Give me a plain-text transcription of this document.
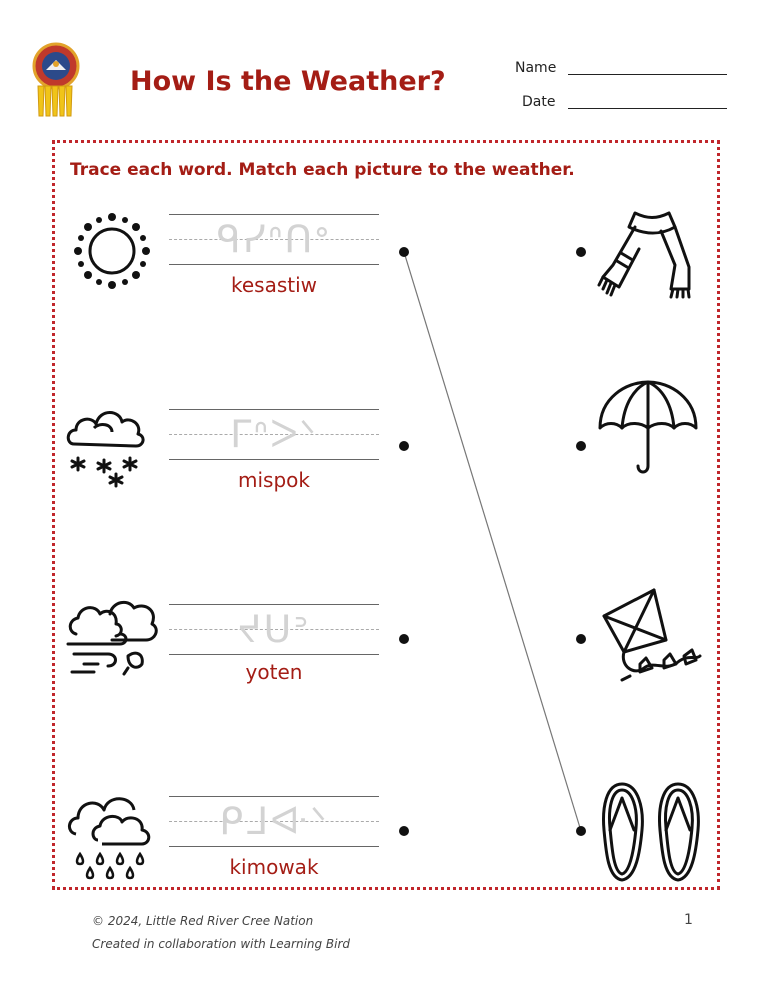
How Is the Weather?	Name
Date
Trace each word. Match each picture to the weather.
ᑫᓯᐢᑎᐤ
kesastiw
ᒥᐢᐳᐠ
mispok
ᔪᑌᐣ
yoten
ᑭᒧᐘᐠ
kimowak
© 2024, Little Red River Cree Nation
Created in collaboration with Learning Bird
1
